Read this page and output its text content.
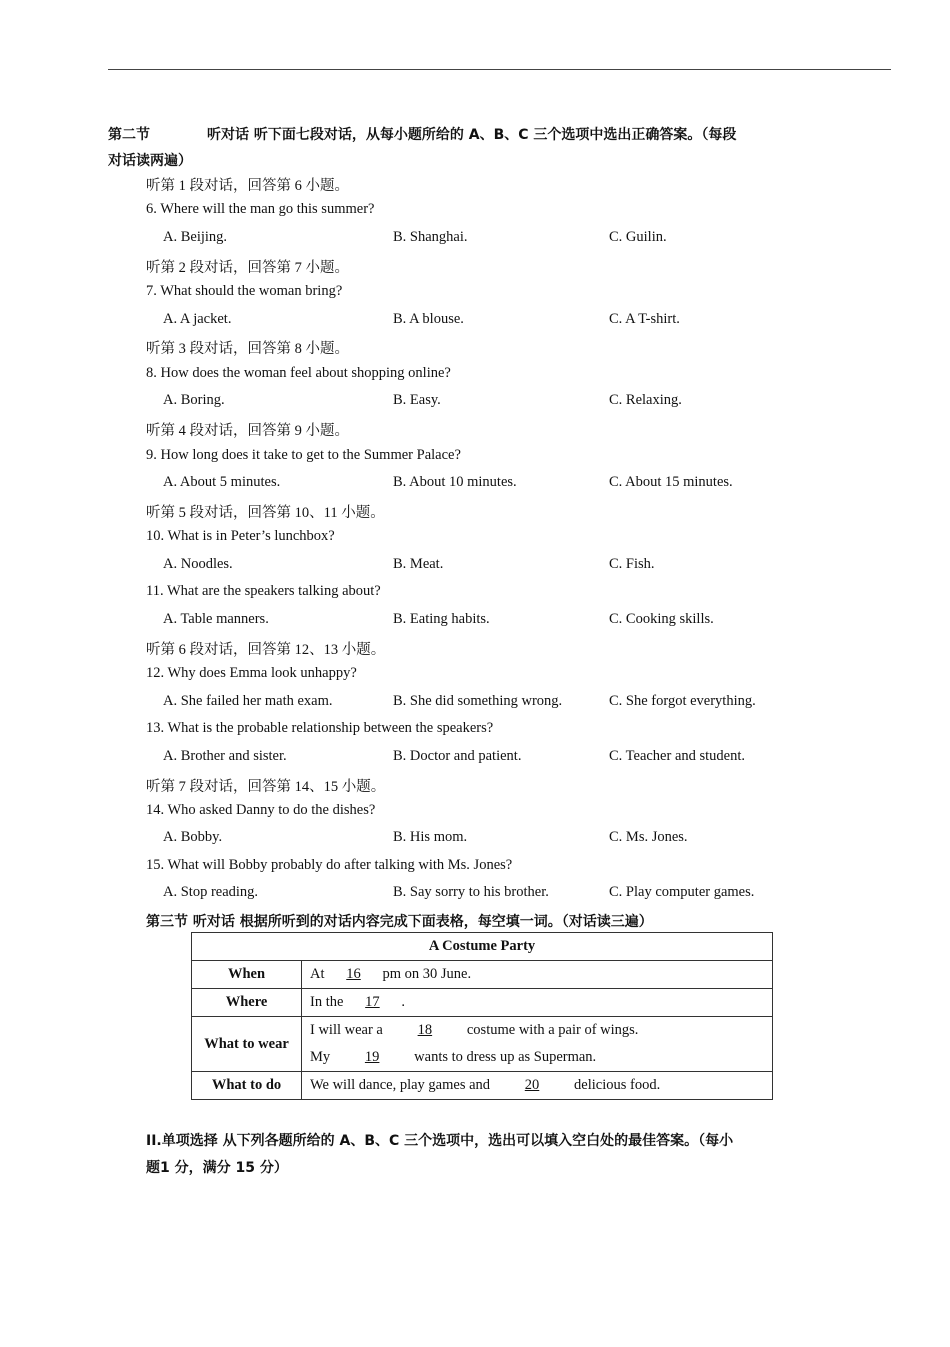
第二节	听对话 听下面七段对话，从每小题所给的 A、B、C 三个选项中选出正确答案。（每段
对话读两遍）
听第 1 段对话，回答第 6 小题。
6. Where will the man go this summer?
A. Beijing.	B. Shanghai.	C. Guilin.
听第 2 段对话，回答第 7 小题。
7. What should the woman bring?
A. A jacket.	B. A blouse.	C. A T-shirt.
听第 3 段对话，回答第 8 小题。
8. How does the woman feel about shopping online?
A. Boring.	B. Easy.	C. Relaxing.
听第 4 段对话，回答第 9 小题。
9. How long does it take to get to the Summer Palace?
A. About 5 minutes.	B. About 10 minutes.	C. About 15 minutes.
听第 5 段对话，回答第 10、11 小题。
10. What is in Peter’s lunchbox?
A. Noodles.	B. Meat.	C. Fish.
11. What are the speakers talking about?
A. Table manners.	B. Eating habits.	C. Cooking skills.
听第 6 段对话，回答第 12、13 小题。
12. Why does Emma look unhappy?
A. She failed her math exam.	B. She did something wrong.	C. She forgot everything.
13. What is the probable relationship between the speakers?
A. Brother and sister.	B. Doctor and patient.	C. Teacher and student.
听第 7 段对话，回答第 14、15 小题。
14. Who asked Danny to do the dishes?
A. Bobby.	B. His mom.	C. Ms. Jones.
15. What will Bobby probably do after talking with Ms. Jones?
A. Stop reading.	B. Say sorry to his brother.	C. Play computer games.
第三节 听对话 根据所听到的对话内容完成下面表格，每空填一词。（对话读三遍）
A Costume Party	
When	At 16 pm on 30 June.
Where	In the 17 .
What to wear	I will wear a 18 costume with a pair of wings.
My 19 wants to dress up as Superman.

What to do	We will dance, play games and 20 delicious food.
II.单项选择 从下列各题所给的 A、B、C 三个选项中，选出可以填入空白处的最佳答案。（每小
题1 分，满分 15 分）
